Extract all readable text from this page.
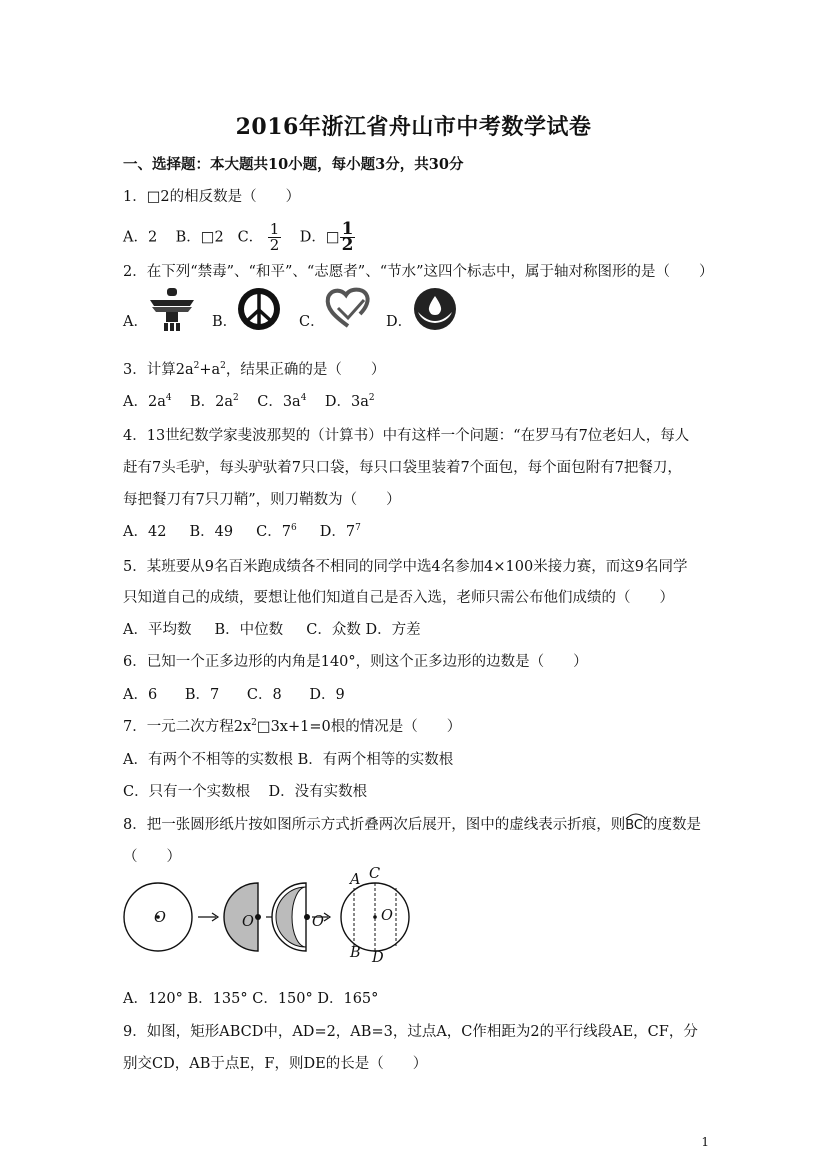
2016年浙江省舟山市中考数学试卷
一、选择题：本大题共10小题，每小题3分，共30分
1．□2的相反数是（　　）
A．2 B．□2 C． $\frac{1}{2}$ D．□ $\frac{1}{2}$
2．在下列“禁毒”、“和平”、“志愿者”、“节水”这四个标志中，属于轴对称图形的是（　　）
A．	B．	C．	D．
3．计算$2a^2+a^2$，结果正确的是（　　）
A．$2a^4$ B．$2a^2$ C．$3a^4$ D．$3a^2$
4．13世纪数学家斐波那契的（计算书）中有这样一个问题：“在罗马有7位老妇人，每人
赶有7头毛驴，每头驴驮着7只口袋，每只口袋里装着7个面包，每个面包附有7把餐刀，
每把餐刀有7只刀鞘”，则刀鞘数为（　　）
A．42 B．49 C．$7^6$ D．$7^7$
5．某班要从9名百米跑成绩各不相同的同学中选4名参加4×100米接力赛，而这9名同学
只知道自己的成绩，要想让他们知道自己是否入选，老师只需公布他们成绩的（　　）
A．平均数 B．中位数 C．众数 D．方差
6．已知一个正多边形的内角是140°，则这个正多边形的边数是（　　）
A．6 B．7 C．8 D．9
7．一元二次方程$2x^2□3x+1=0$根的情况是（　　）
A．有两个不相等的实数根 B．有两个相等的实数根
C．只有一个实数根 D．没有实数根
8．把一张圆形纸片按如图所示方式折叠两次后展开，图中的虚线表示折痕，则
BC的度数是
（　　）
O	O	O	O
A C
B D
A．120° B．135° C．150° D．165°
9．如图，矩形ABCD中，AD=2，AB=3，过点A，C作相距为2的平行线段AE，CF，分
别交CD，AB于点E，F，则DE的长是（　　）
1
